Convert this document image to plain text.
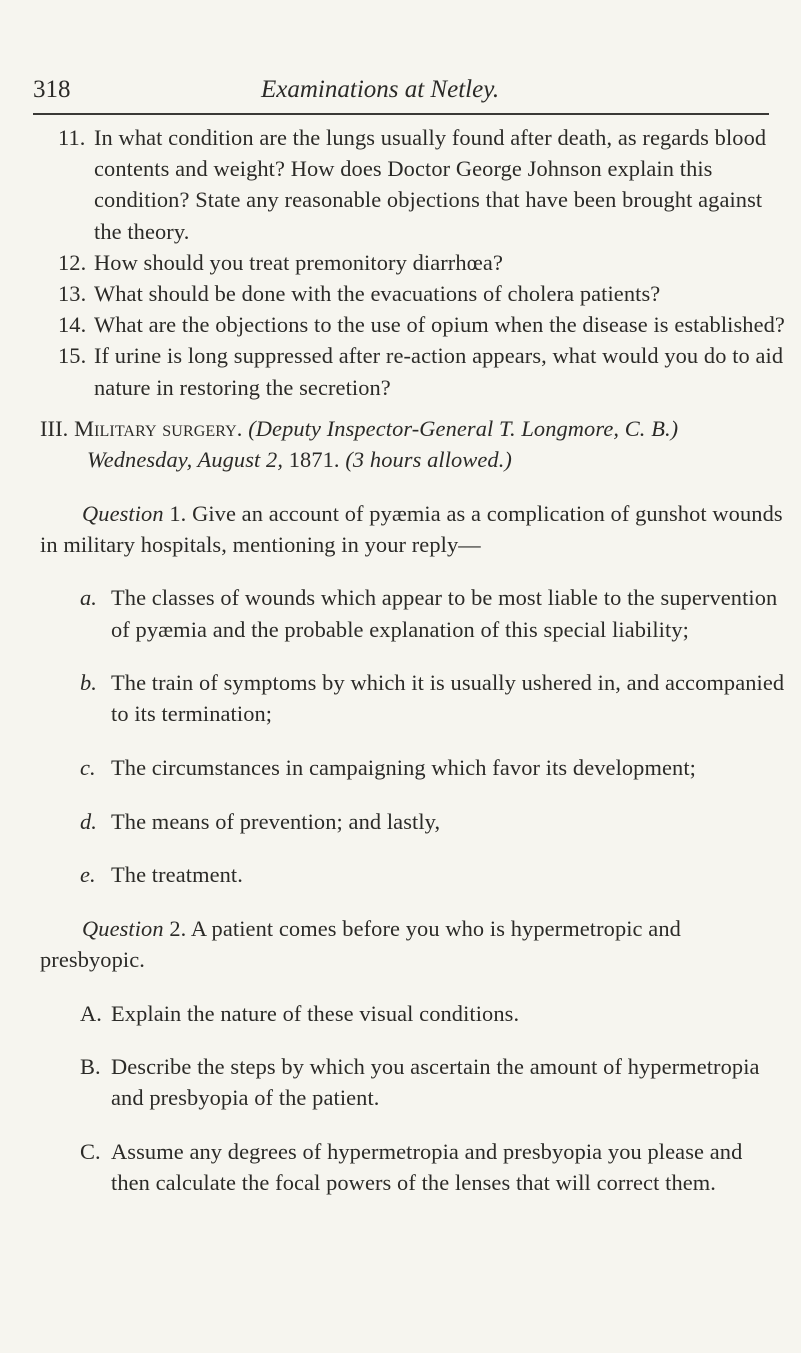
318	Examinations at Netley.

11. In what condition are the lungs usually found after death, as regards blood contents and weight? How does Doctor George Johnson explain this condition? State any reasonable objections that have been brought against the theory.

12. How should you treat premonitory diarrhœa?

13. What should be done with the evacuations of cholera patients?

14. What are the objections to the use of opium when the disease is established?

15. If urine is long suppressed after re-action appears, what would you do to aid nature in restoring the secretion?

III. Military surgery. (Deputy Inspector-General T. Longmore, C. B.) Wednesday, August 2, 1871. (3 hours allowed.)

Question 1. Give an account of pyæmia as a complication of gunshot wounds in military hospitals, mentioning in your reply—

a. The classes of wounds which appear to be most liable to the supervention of pyæmia and the probable explanation of this special liability;

b. The train of symptoms by which it is usually ushered in, and accompanied to its termination;

c. The circumstances in campaigning which favor its development;

d. The means of prevention; and lastly,

e. The treatment.

Question 2. A patient comes before you who is hypermetropic and presbyopic.

A. Explain the nature of these visual conditions.

B. Describe the steps by which you ascertain the amount of hypermetropia and presbyopia of the patient.

C. Assume any degrees of hypermetropia and presbyopia you please and then calculate the focal powers of the lenses that will correct them.
